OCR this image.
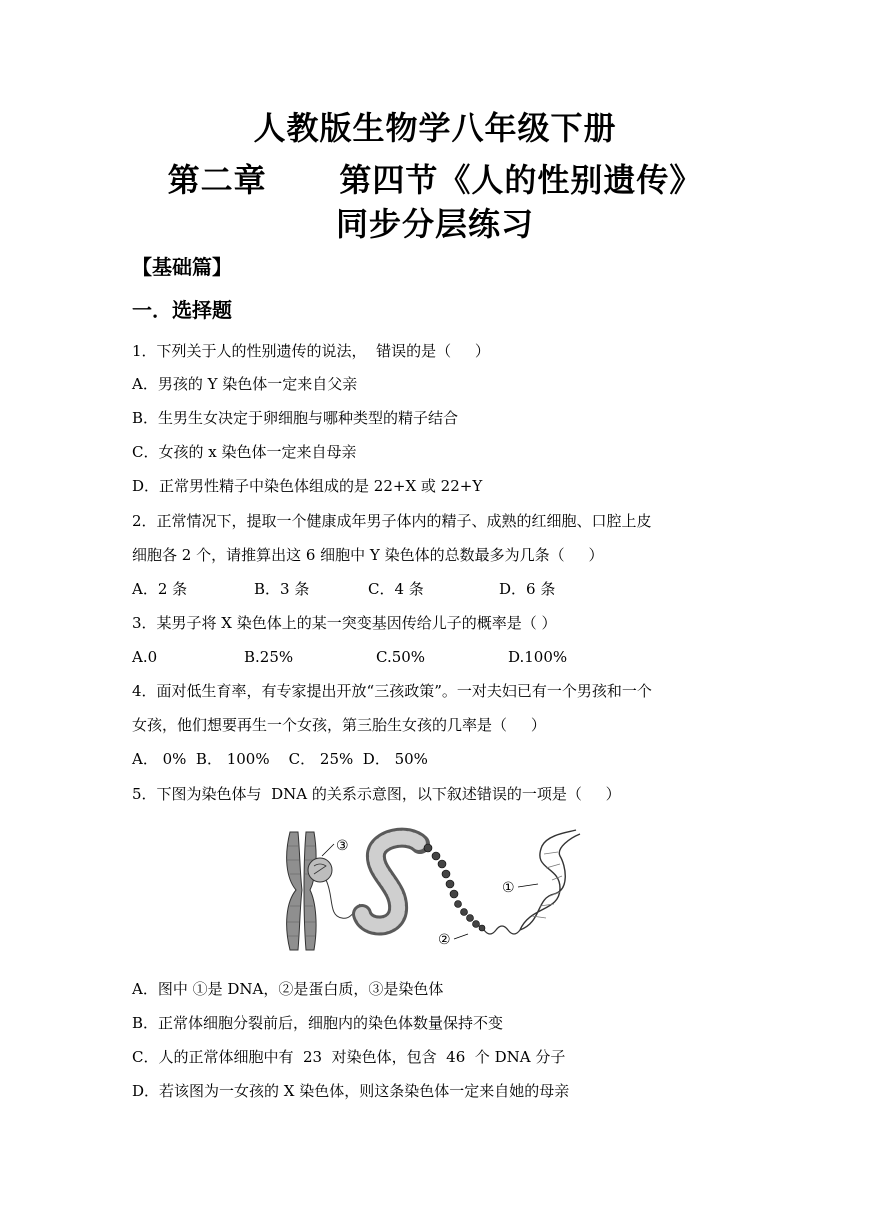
人教版生物学八年级下册
第二章      第四节《人的性别遗传》
同步分层练习
【基础篇】
一．选择题
1．下列关于人的性别遗传的说法，  错误的是（     ）
A．男孩的 Y 染色体一定来自父亲
B．生男生女决定于卵细胞与哪种类型的精子结合
C．女孩的 x 染色体一定来自母亲
D．正常男性精子中染色体组成的是 22+X 或 22+Y
2．正常情况下，提取一个健康成年男子体内的精子、成熟的红细胞、口腔上皮
细胞各 2 个，请推算出这 6 细胞中 Y 染色体的总数最多为几条（     ）

A．2 条

	B．3 条

	C．4 条

	D．6 条

3．某男子将 X 染色体上的某一突变基因传给儿子的概率是（ ）

A.0

	B.25%

	C.50%

	D.100%

4．面对低生育率，有专家提出开放“三孩政策”。一对夫妇已有一个男孩和一个
女孩，他们想要再生一个女孩，第三胎生女孩的几率是（     ）
A． 0%  B． 100%    C． 25%  D． 50%
5．下图为染色体与  DNA 的关系示意图，以下叙述错误的一项是（     ）
③
①
②
A．图中 ①是 DNA，②是蛋白质，③是染色体
B．正常体细胞分裂前后，细胞内的染色体数量保持不变
C．人的正常体细胞中有  23  对染色体，包含  46  个 DNA 分子
D．若该图为一女孩的 X 染色体，则这条染色体一定来自她的母亲
